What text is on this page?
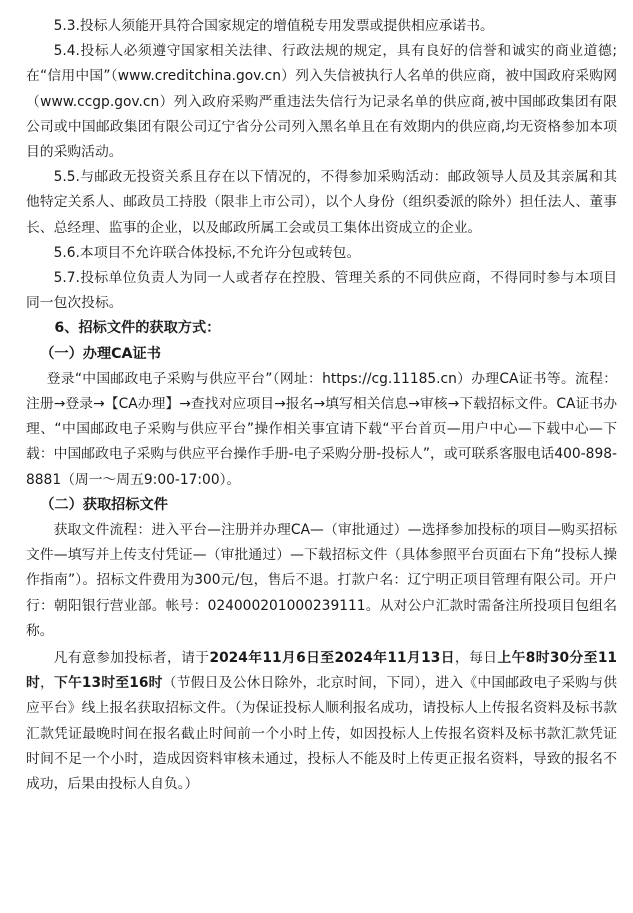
5.3.投标人须能开具符合国家规定的增值税专用发票或提供相应承诺书。

5.4.投标人必须遵守国家相关法律、行政法规的规定，具有良好的信誉和诚实的商业道德;在“信用中国”（www.creditchina.gov.cn）列入失信被执行人名单的供应商，被中国政府采购网（www.ccgp.gov.cn）列入政府采购严重违法失信行为记录名单的供应商,被中国邮政集团有限公司或中国邮政集团有限公司辽宁省分公司列入黑名单且在有效期内的供应商,均无资格参加本项目的采购活动。

5.5.与邮政无投资关系且存在以下情况的，不得参加采购活动：邮政领导人员及其亲属和其他特定关系人、邮政员工持股（限非上市公司），以个人身份（组织委派的除外）担任法人、董事长、总经理、监事的企业，以及邮政所属工会或员工集体出资成立的企业。

5.6.本项目不允许联合体投标,不允许分包或转包。

5.7.投标单位负责人为同一人或者存在控股、管理关系的不同供应商，不得同时参与本项目同一包次投标。

6、招标文件的获取方式：

（一）办理CA证书

登录“中国邮政电子采购与供应平台”（网址：https://cg.11185.cn）办理CA证书等。流程：注册→登录→【CA办理】→查找对应项目→报名→填写相关信息→审核→下载招标文件。CA证书办理、“中国邮政电子采购与供应平台”操作相关事宜请下载“平台首页—用户中心—下载中心—下载：中国邮政电子采购与供应平台操作手册-电子采购分册-投标人”，或可联系客服电话400-898-8881（周一～周五9:00-17:00）。

（二）获取招标文件

获取文件流程：进入平台—注册并办理CA—（审批通过）—选择参加投标的项目—购买招标文件—填写并上传支付凭证—（审批通过）—下载招标文件（具体参照平台页面右下角“投标人操作指南”）。招标文件费用为300元/包，售后不退。打款户名：辽宁明正项目管理有限公司。开户行：朝阳银行营业部。帐号：024000201000239111。从对公户汇款时需备注所投项目包组名称。

凡有意参加投标者，请于2024年11月6日至2024年11月13日，每日上午8时30分至11时，下午13时至16时（节假日及公休日除外，北京时间，下同），进入《中国邮政电子采购与供应平台》线上报名获取招标文件。（为保证投标人顺利报名成功，请投标人上传报名资料及标书款汇款凭证最晚时间在报名截止时间前一个小时上传，如因投标人上传报名资料及标书款汇款凭证时间不足一个小时，造成因资料审核未通过，投标人不能及时上传更正报名资料，导致的报名不成功，后果由投标人自负。）
